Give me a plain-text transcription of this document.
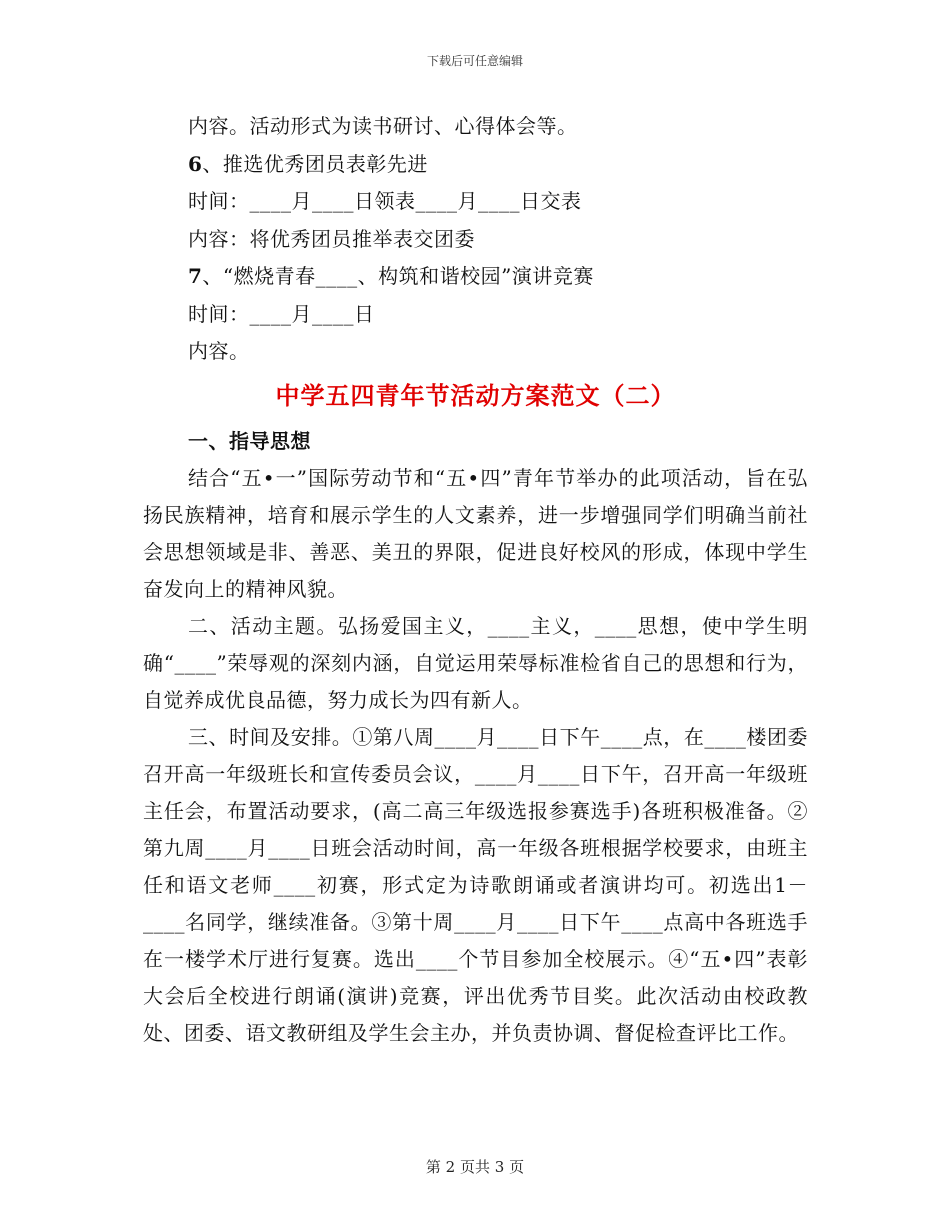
下载后可任意编辑
内容。活动形式为读书研讨、心得体会等。
6、推选优秀团员表彰先进
时间：____月____日领表____月____日交表
内容：将优秀团员推举表交团委
7、“燃烧青春____、构筑和谐校园”演讲竞赛
时间：____月____日
内容。
中学五四青年节活动方案范文（二）
一、指导思想

结合“五•一”国际劳动节和“五•四”青年节举办的此项活动，旨在弘扬民族精神，培育和展示学生的人文素养，进一步增强同学们明确当前社会思想领域是非、善恶、美丑的界限，促进良好校风的形成，体现中学生奋发向上的精神风貌。

二、活动主题。弘扬爱国主义，____主义，____思想，使中学生明确“____”荣辱观的深刻内涵，自觉运用荣辱标准检省自己的思想和行为，自觉养成优良品德，努力成长为四有新人。

三、时间及安排。①第八周____月____日下午____点，在____楼团委召开高一年级班长和宣传委员会议，____月____日下午，召开高一年级班主任会，布置活动要求，(高二高三年级选报参赛选手)各班积极准备。②第九周____月____日班会活动时间，高一年级各班根据学校要求，由班主任和语文老师____初赛，形式定为诗歌朗诵或者演讲均可。初选出1－____名同学，继续准备。③第十周____月____日下午____点高中各班选手在一楼学术厅进行复赛。选出____个节目参加全校展示。④“五•四”表彰大会后全校进行朗诵(演讲)竞赛，评出优秀节目奖。此次活动由校政教处、团委、语文教研组及学生会主办，并负责协调、督促检查评比工作。

第 2 页共 3 页
